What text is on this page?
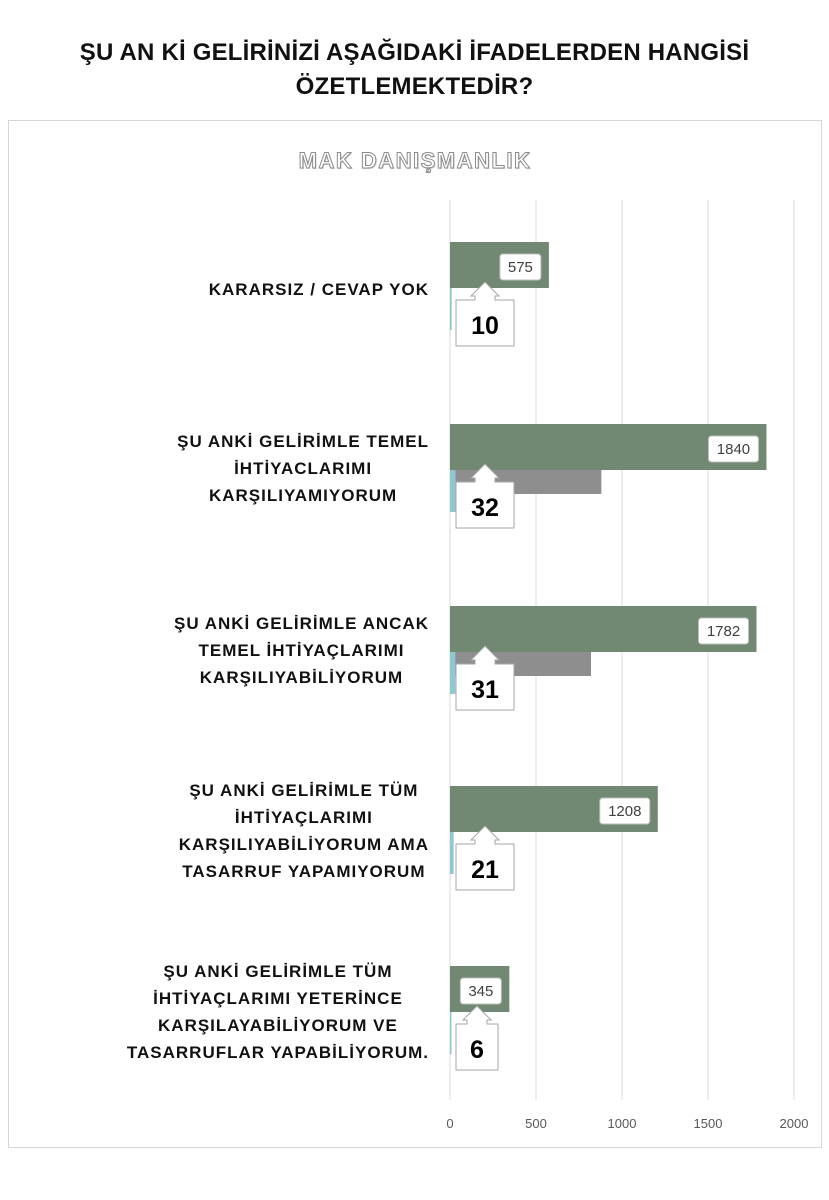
ŞU AN Kİ GELİRİNİZİ AŞAĞIDAKİ İFADELERDEN HANGİSİ
ÖZETLEMEKTEDİR?
MAK DANIŞMANLIK
KARARSIZ / CEVAP YOK
ŞU ANKİ GELİRİMLE TEMEL
İHTİYACLARIMI
KARŞILIYAMIYORUM
ŞU ANKİ GELİRİMLE ANCAK
TEMEL İHTİYAÇLARIMI
KARŞILIYABİLİYORUM
ŞU ANKİ GELİRİMLE TÜM
İHTİYAÇLARIMI
KARŞILIYABİLİYORUM AMA
TASARRUF YAPAMIYORUM
ŞU ANKİ GELİRİMLE TÜM
İHTİYAÇLARIMI YETERİNCE
KARŞILAYABİLİYORUM VE
TASARRUFLAR YAPABİLİYORUM.
0	500	1000	1500	2000
575
10
1840
32
1782
31
1208
21
345
6
